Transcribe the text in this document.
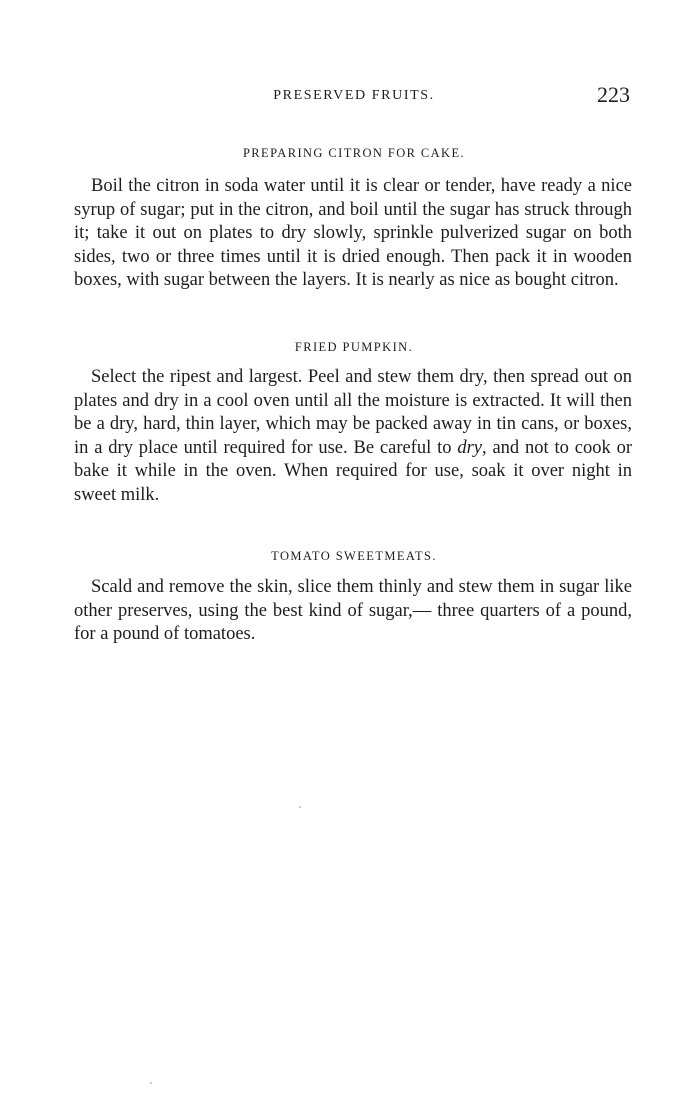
PRESERVED FRUITS.	223
PREPARING CITRON FOR CAKE.

Boil the citron in soda water until it is clear or tender, have ready a nice syrup of sugar; put in the citron, and boil until the sugar has struck through it; take it out on plates to dry slowly, sprinkle pulverized sugar on both sides, two or three times until it is dried enough. Then pack it in wooden boxes, with sugar between the layers. It is nearly as nice as bought citron.

FRIED PUMPKIN.

Select the ripest and largest. Peel and stew them dry, then spread out on plates and dry in a cool oven until all the moisture is extracted. It will then be a dry, hard, thin layer, which may be packed away in tin cans, or boxes, in a dry place until required for use. Be careful to dry, and not to cook or bake it while in the oven. When required for use, soak it over night in sweet milk.

TOMATO SWEETMEATS.

Scald and remove the skin, slice them thinly and stew them in sugar like other preserves, using the best kind of sugar,— three quarters of a pound, for a pound of tomatoes.
